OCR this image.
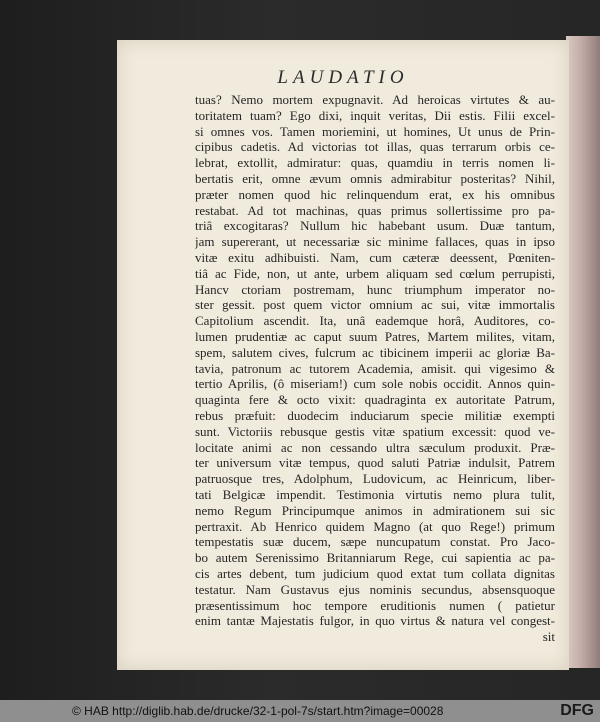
LAUDATIO
tuas? Nemo mortem expugnavit. Ad heroicas virtutes & au-
toritatem tuam? Ego dixi, inquit veritas, Dii estis. Filii excel-
si omnes vos. Tamen moriemini, ut homines, Ut unus de Prin-
cipibus cadetis. Ad victorias tot illas, quas terrarum orbis ce-
lebrat, extollit, admiratur: quas, quamdiu in terris nomen li-
bertatis erit, omne ævum omnis admirabitur posteritas? Nihil,
præter nomen quod hic relinquendum erat, ex his omnibus
restabat. Ad tot machinas, quas primus sollertissime pro pa-
triâ excogitaras? Nullum hic habebant usum. Duæ tantum,
jam supererant, ut necessariæ sic minime fallaces, quas in ipso
vitæ exitu adhibuisti. Nam, cum cæteræ deessent, Pœniten-
tiâ ac Fide, non, ut ante, urbem aliquam sed cœlum perrupisti,
Hancv ctoriam postremam, hunc triumphum imperator no-
ster gessit. post quem victor omnium ac sui, vitæ immortalis
Capitolium ascendit. Ita, unâ eademque horâ, Auditores, co-
lumen prudentiæ ac caput suum Patres, Martem milites, vitam,
spem, salutem cives, fulcrum ac tibicinem imperii ac gloriæ Ba-
tavia, patronum ac tutorem Academia, amisit. qui vigesimo &
tertio Aprilis, (ô miseriam!) cum sole nobis occidit. Annos quin-
quaginta fere & octo vixit: quadraginta ex autoritate Patrum,
rebus præfuit: duodecim induciarum specie militiæ exempti
sunt. Victoriis rebusque gestis vitæ spatium excessit: quod ve-
locitate animi ac non cessando ultra sæculum produxit. Præ-
ter universum vitæ tempus, quod saluti Patriæ indulsit, Patrem
patruosque tres, Adolphum, Ludovicum, ac Heinricum, liber-
tati Belgicæ impendit. Testimonia virtutis nemo plura tulit,
nemo Regum Principumque animos in admirationem sui sic
pertraxit. Ab Henrico quidem Magno (at quo Rege!) primum
tempestatis suæ ducem, sæpe nuncupatum constat. Pro Jaco-
bo autem Serenissimo Britanniarum Rege, cui sapientia ac pa-
cis artes debent, tum judicium quod extat tum collata dignitas
testatur. Nam Gustavus ejus nominis secundus, absensquoque
præsentissimum hoc tempore eruditionis numen ( patietur
enim tantæ Majestatis fulgor, in quo virtus & natura vel congest-
sit
© HAB http://diglib.hab.de/drucke/32-1-pol-7s/start.htm?image=00028	DFG
